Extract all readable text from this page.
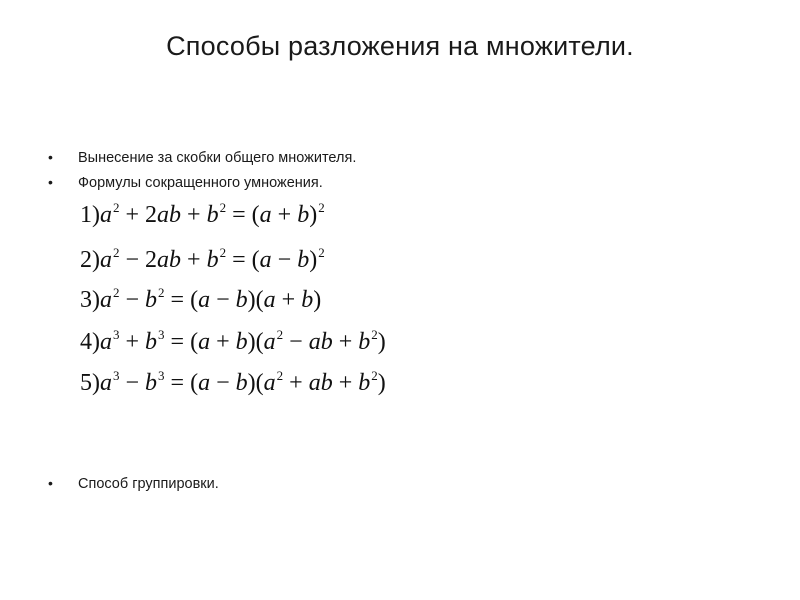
Способы разложения на множители.
•	Вынесение за скобки общего множителя.
•	Формулы сокращенного умножения.
$1)a^2 + 2ab + b^2 = (a + b)^2$
$2)a^2 - 2ab + b^2 = (a - b)^2$
$3)a^2 - b^2 = (a - b)(a + b)$
$4)a^3 + b^3 = (a + b)(a^2$ − ab + $b^2$)
$5)a^3 - b^3 = (a - b)(a^2$ + ab + $b^2$)
•	Способ группировки.
